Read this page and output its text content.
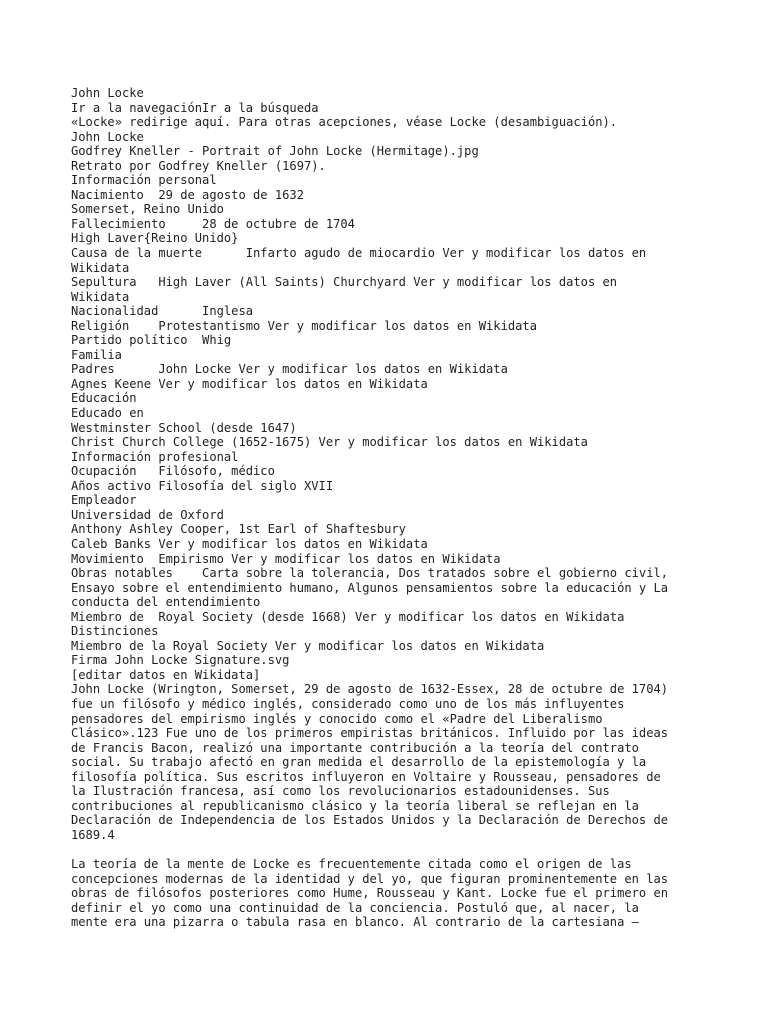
John Locke
Ir a la navegaciónIr a la búsqueda
«Locke» redirige aquí. Para otras acepciones, véase Locke (desambiguación).
John Locke
Godfrey Kneller - Portrait of John Locke (Hermitage).jpg
Retrato por Godfrey Kneller (1697).
Información personal
Nacimiento  29 de agosto de 1632
Somerset, Reino Unido
Fallecimiento     28 de octubre de 1704
High Laver{Reino Unido}
Causa de la muerte      Infarto agudo de miocardio Ver y modificar los datos en
Wikidata
Sepultura   High Laver (All Saints) Churchyard Ver y modificar los datos en
Wikidata
Nacionalidad      Inglesa
Religión    Protestantismo Ver y modificar los datos en Wikidata
Partido político  Whig
Familia
Padres      John Locke Ver y modificar los datos en Wikidata
Agnes Keene Ver y modificar los datos en Wikidata
Educación
Educado en
Westminster School (desde 1647)
Christ Church College (1652-1675) Ver y modificar los datos en Wikidata
Información profesional
Ocupación   Filósofo, médico
Años activo Filosofía del siglo XVII
Empleador
Universidad de Oxford
Anthony Ashley Cooper, 1st Earl of Shaftesbury
Caleb Banks Ver y modificar los datos en Wikidata
Movimiento  Empirismo Ver y modificar los datos en Wikidata
Obras notables    Carta sobre la tolerancia, Dos tratados sobre el gobierno civil,
Ensayo sobre el entendimiento humano, Algunos pensamientos sobre la educación y La
conducta del entendimiento
Miembro de  Royal Society (desde 1668) Ver y modificar los datos en Wikidata
Distinciones
Miembro de la Royal Society Ver y modificar los datos en Wikidata
Firma John Locke Signature.svg
[editar datos en Wikidata]
John Locke (Wrington, Somerset, 29 de agosto de 1632-Essex, 28 de octubre de 1704)
fue un filósofo y médico inglés, considerado como uno de los más influyentes
pensadores del empirismo inglés y conocido como el «Padre del Liberalismo
Clásico».123 Fue uno de los primeros empiristas británicos. Influido por las ideas
de Francis Bacon, realizó una importante contribución a la teoría del contrato
social. Su trabajo afectó en gran medida el desarrollo de la epistemología y la
filosofía política. Sus escritos influyeron en Voltaire y Rousseau, pensadores de
la Ilustración francesa, así como los revolucionarios estadounidenses. Sus
contribuciones al republicanismo clásico y la teoría liberal se reflejan en la
Declaración de Independencia de los Estados Unidos y la Declaración de Derechos de
1689.4
La teoría de la mente de Locke es frecuentemente citada como el origen de las
concepciones modernas de la identidad y del yo, que figuran prominentemente en las
obras de filósofos posteriores como Hume, Rousseau y Kant. Locke fue el primero en
definir el yo como una continuidad de la conciencia. Postuló que, al nacer, la
mente era una pizarra o tabula rasa en blanco. Al contrario de la cartesiana —
